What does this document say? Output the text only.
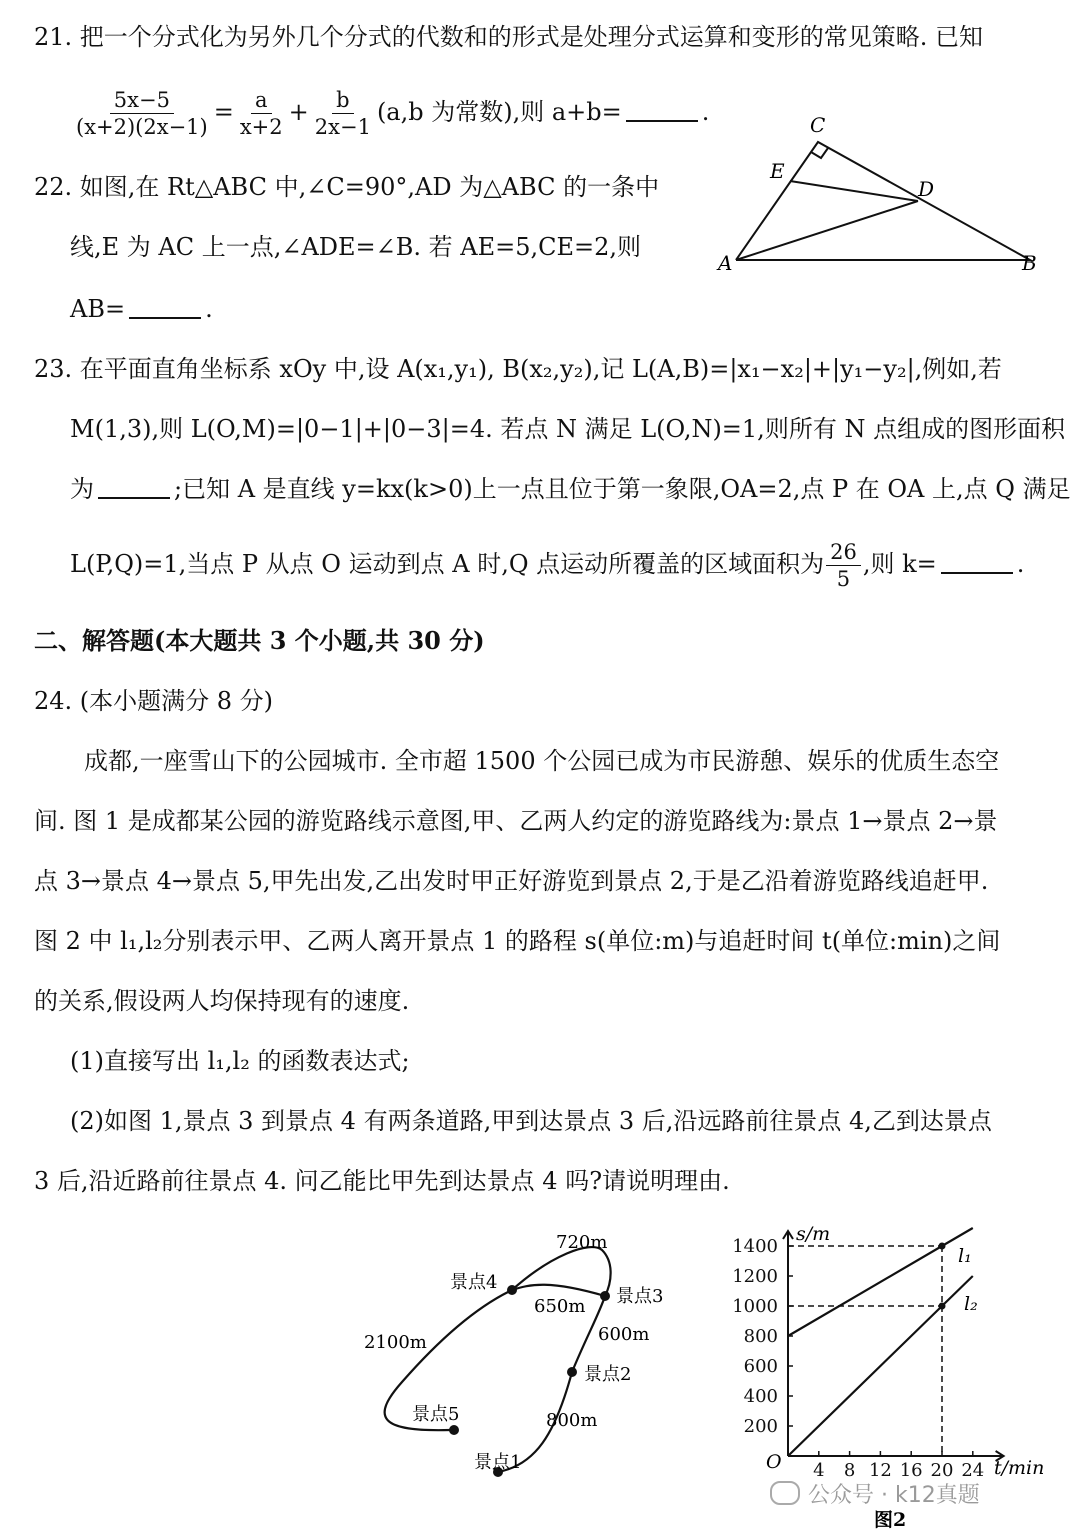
21. 把一个分式化为另外几个分式的代数和的形式是处理分式运算和变形的常见策略. 已知
$\frac{5x-5}{(x+2)(2x-1)} = \frac{a}{x+2} + \frac{b}{2x-1} (a,b$ 为常数),则 a+b=	.
22. 如图,在 Rt△ABC 中,∠C=90°,AD 为△ABC 的一条中
线,E 为 AC 上一点,∠ADE=∠B. 若 AE=5,CE=2,则
AB=	.
C
E
D
A	B
23. 在平面直角坐标系 xOy 中,设 A(x₁,y₁), B(x₂,y₂),记 L(A,B)=|x₁−x₂|+|y₁−y₂|,例如,若
M(1,3),则 L(O,M)=|0−1|+|0−3|=4. 若点 N 满足 L(O,N)=1,则所有 N 点组成的图形面积
为	;已知 A 是直线 y=kx(k>0)上一点且位于第一象限,OA=2,点 P 在 OA 上,点 Q 满足
L(P,Q)=1,当点 P 从点 O 运动到点 A 时,Q 点运动所覆盖的区域面积为 $\frac{26}{5}$ ,则 k=	.
二、解答题(本大题共 3 个小题,共 30 分)
24. (本小题满分 8 分)
成都,一座雪山下的公园城市. 全市超 1500 个公园已成为市民游憩、娱乐的优质生态空
间. 图 1 是成都某公园的游览路线示意图,甲、乙两人约定的游览路线为:景点 1→景点 2→景
点 3→景点 4→景点 5,甲先出发,乙出发时甲正好游览到景点 2,于是乙沿着游览路线追赶甲.
图 2 中 l₁,l₂分别表示甲、乙两人离开景点 1 的路程 s(单位:m)与追赶时间 t(单位:min)之间
的关系,假设两人均保持现有的速度.
(1)直接写出 l₁,l₂ 的函数表达式;
(2)如图 1,景点 3 到景点 4 有两条道路,甲到达景点 3 后,沿远路前往景点 4,乙到达景点
3 后,沿近路前往景点 4. 问乙能比甲先到达景点 4 吗?请说明理由.
景点1
景点2
景点3
景点4
景点5	800m
600m
650m
720m
2100m
4 8 12 16 20 24
200
400
600
800
1000
1200
1400
s/m
t/min
O
l₁
l₂
图2
公众号 · k12真题
